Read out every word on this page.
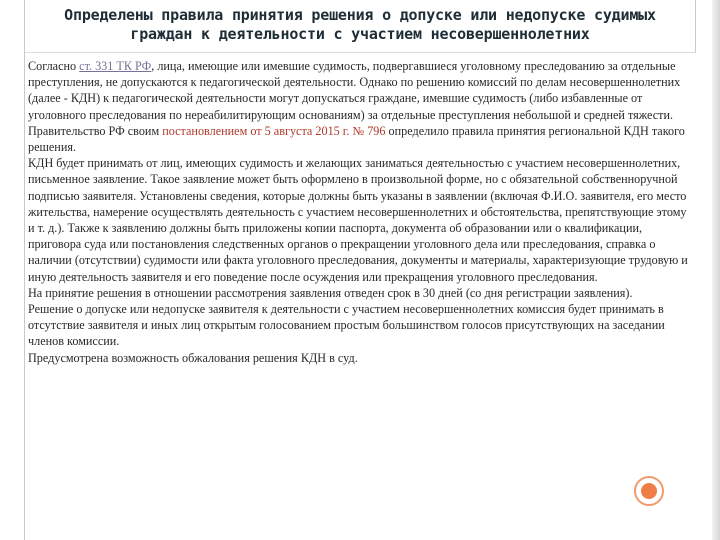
Определены правила принятия решения о допуске или недопуске судимых граждан к деятельности с участием несовершеннолетних

Согласно ст. 331 ТК РФ, лица, имеющие или имевшие судимость, подвергавшиеся уголовному преследованию за отдельные преступления, не допускаются к педагогической деятельности. Однако по решению комиссий по делам несовершеннолетних (далее - КДН) к педагогической деятельности могут допускаться граждане, имевшие судимость (либо избавленные от уголовного преследования по нереабилитирующим основаниям) за отдельные преступления небольшой и средней тяжести. Правительство РФ своим постановлением от 5 августа 2015 г. № 796 определило правила принятия региональной КДН такого решения.

КДН будет принимать от лиц, имеющих судимость и желающих заниматься деятельностью с участием несовершеннолетних, письменное заявление. Такое заявление может быть оформлено в произвольной форме, но с обязательной собственноручной подписью заявителя. Установлены сведения, которые должны быть указаны в заявлении (включая Ф.И.О. заявителя, его место жительства, намерение осуществлять деятельность с участием несовершеннолетних и обстоятельства, препятствующие этому и т. д.). Также к заявлению должны быть приложены копии паспорта, документа об образовании или о квалификации, приговора суда или постановления следственных органов о прекращении уголовного дела или преследования, справка о наличии (отсутствии) судимости или факта уголовного преследования, документы и материалы, характеризующие трудовую и иную деятельность заявителя и его поведение после осуждения или прекращения уголовного преследования.

На принятие решения в отношении рассмотрения заявления отведен срок в 30 дней (со дня регистрации заявления).

Решение о допуске или недопуске заявителя к деятельности с участием несовершеннолетних комиссия будет принимать в отсутствие заявителя и иных лиц открытым голосованием простым большинством голосов присутствующих на заседании членов комиссии.

Предусмотрена возможность обжалования решения КДН в суд.
